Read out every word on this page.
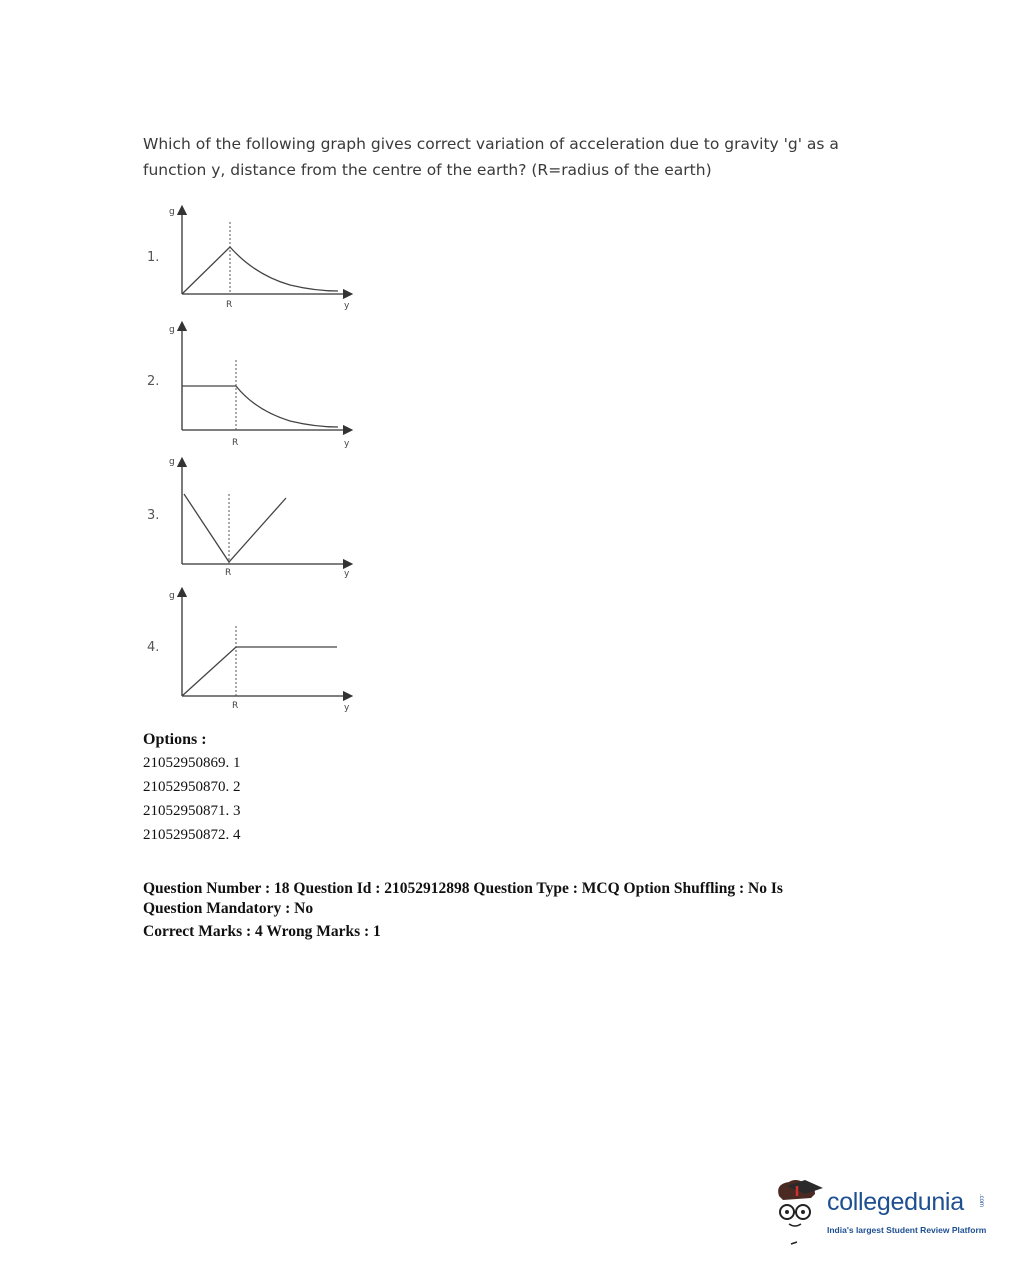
Which of the following graph gives correct variation of acceleration due to gravity 'g' as a
function y, distance from the centre of the earth? (R=radius of the earth)
1.
g
y
R
2.
g
y
R
3.
g
y
R
4.
g
y
R
Options :
21052950869. 1
21052950870. 2
21052950871. 3
21052950872. 4
Question Number : 18 Question Id : 21052912898 Question Type : MCQ Option Shuffling : No Is
Question Mandatory : No
Correct Marks : 4 Wrong Marks : 1
collegedunia .com
India's largest Student Review Platform
